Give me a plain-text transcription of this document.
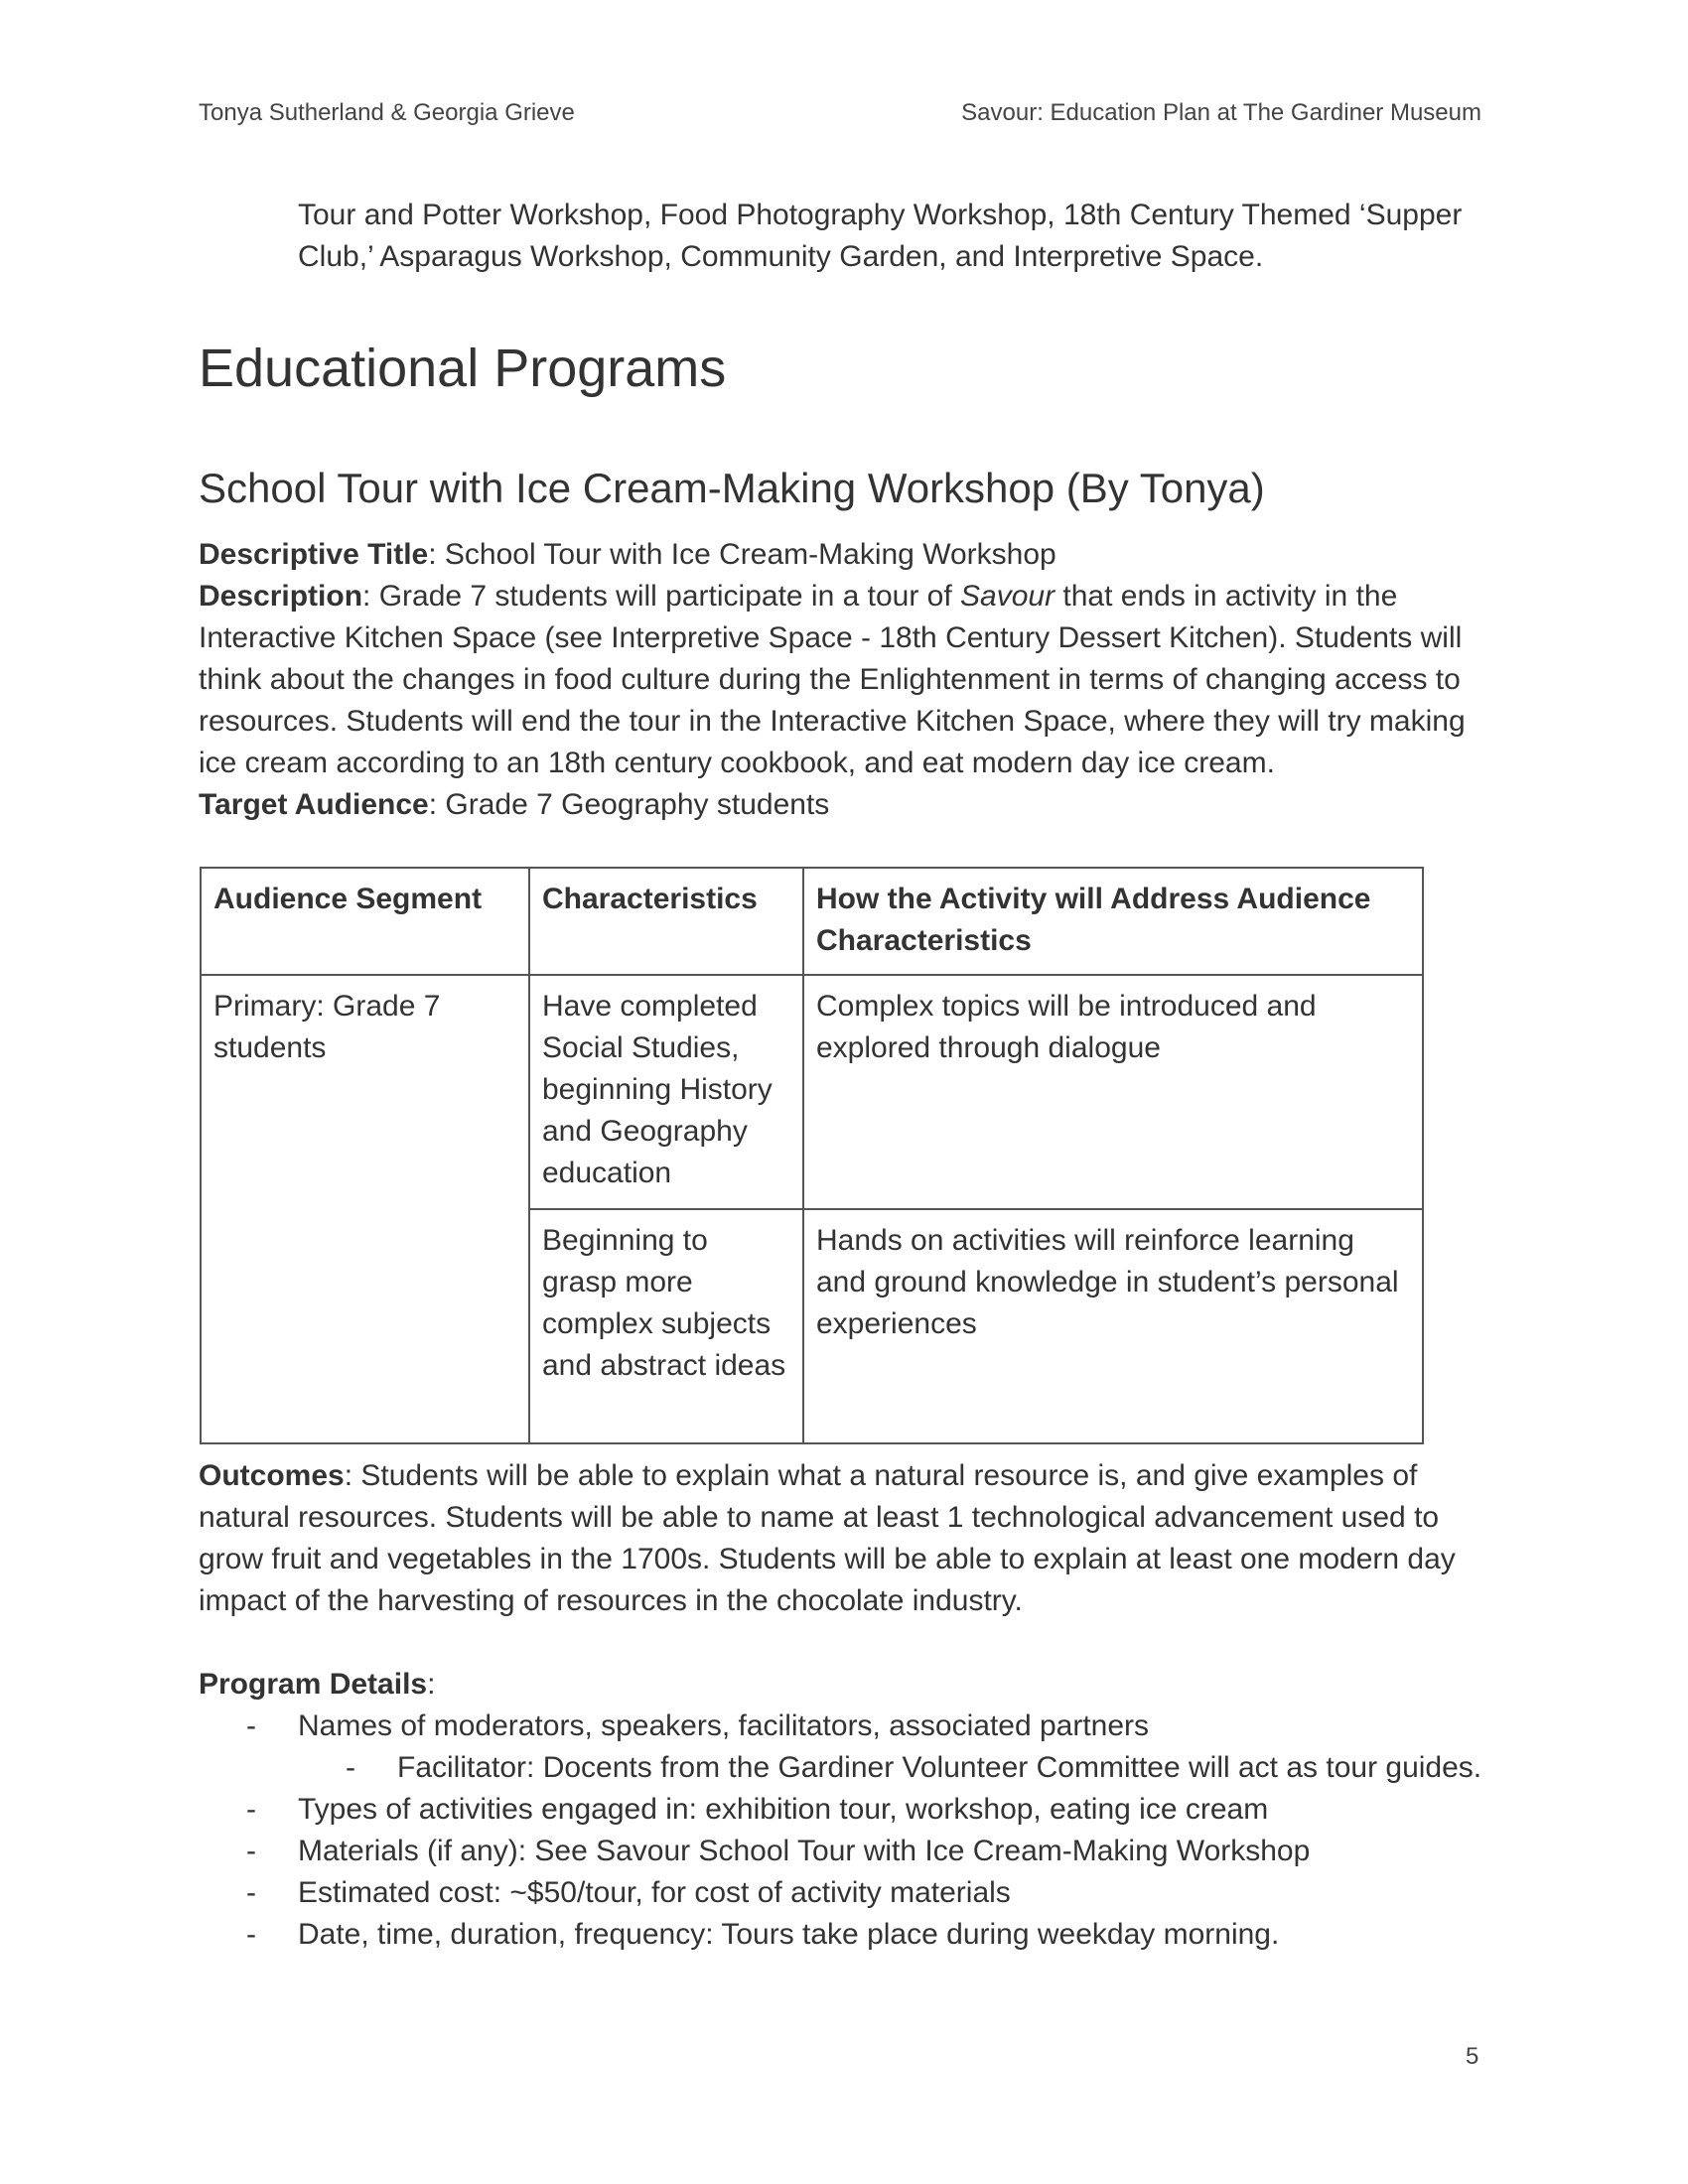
Tonya Sutherland & Georgia Grieve	Savour: Education Plan at The Gardiner Museum
Tour and Potter Workshop, Food Photography Workshop, 18th Century Themed ‘Supper
Club,’ Asparagus Workshop, Community Garden, and Interpretive Space.
Educational Programs
School Tour with Ice Cream-Making Workshop (By Tonya)

Descriptive Title: School Tour with Ice Cream-Making Workshop

Description: Grade 7 students will participate in a tour of Savour that ends in activity in the Interactive Kitchen Space (see Interpretive Space - 18th Century Dessert Kitchen). Students will think about the changes in food culture during the Enlightenment in terms of changing access to resources. Students will end the tour in the Interactive Kitchen Space, where they will try making ice cream according to an 18th century cookbook, and eat modern day ice cream.

Target Audience: Grade 7 Geography students

Audience Segment	Characteristics	How the Activity will Address Audience Characteristics
Primary: Grade 7 students	Have completed Social Studies, beginning History and Geography education	Complex topics will be introduced and explored through dialogue
	Beginning to grasp more complex subjects and abstract ideas	Hands on activities will reinforce learning and ground knowledge in student’s personal experiences

Outcomes: Students will be able to explain what a natural resource is, and give examples of natural resources. Students will be able to name at least 1 technological advancement used to grow fruit and vegetables in the 1700s. Students will be able to explain at least one modern day impact of the harvesting of resources in the chocolate industry.

Program Details:
- Names of moderators, speakers, facilitators, associated partners
- Facilitator: Docents from the Gardiner Volunteer Committee will act as tour guides.
- Types of activities engaged in: exhibition tour, workshop, eating ice cream
- Materials (if any): See Savour School Tour with Ice Cream-Making Workshop
- Estimated cost: ~$50/tour, for cost of activity materials
- Date, time, duration, frequency: Tours take place during weekday morning.
5
